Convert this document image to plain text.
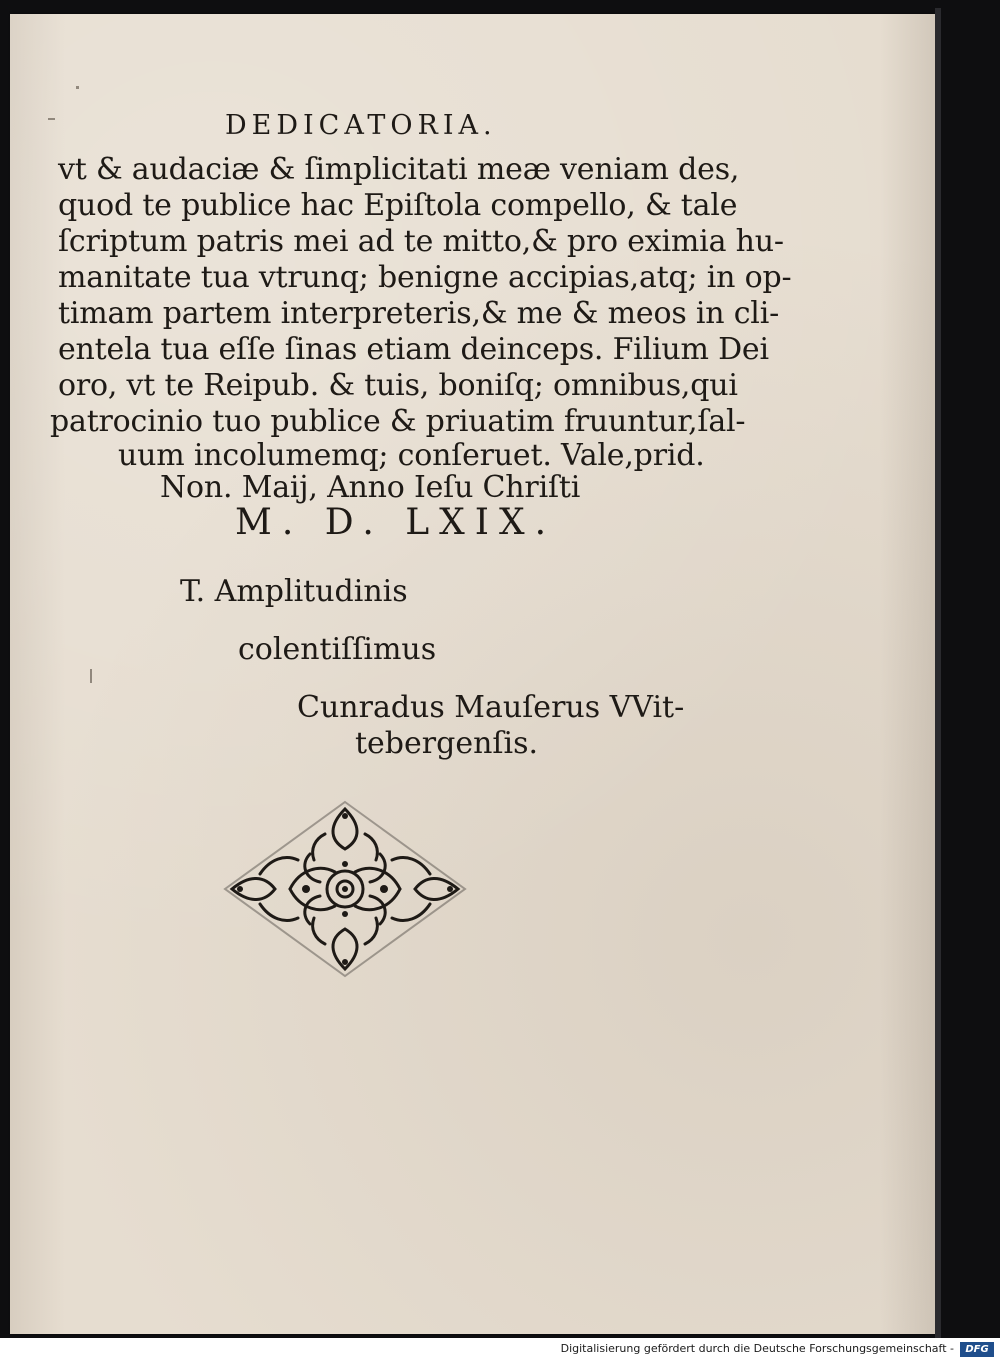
DEDICATORIA.
vt & audaciæ & ſimplicitati meæ veniam des,
quod te publice hac Epiſtola compello, & tale
ſcriptum patris mei ad te mitto,& pro eximia hu-
manitate tua vtrunq; benigne accipias,atq; in op-
timam partem interpreteris,& me & meos in cli-
entela tua eſſe ſinas etiam deinceps. Filium Dei
oro, vt te Reipub. & tuis, boniſq; omnibus,qui
patrocinio tuo publice & priuatim fruuntur,ſal-
uum incolumemq; conſeruet. Vale,prid.
Non. Maij, Anno Ieſu Chriſti
M. D. LXIX.
T. Amplitudinis
colentiſſimus
Cunradus Mauſerus VVit-
tebergenſis.
Digitalisierung gefördert durch die Deutsche Forschungsgemeinschaft -	DFG
